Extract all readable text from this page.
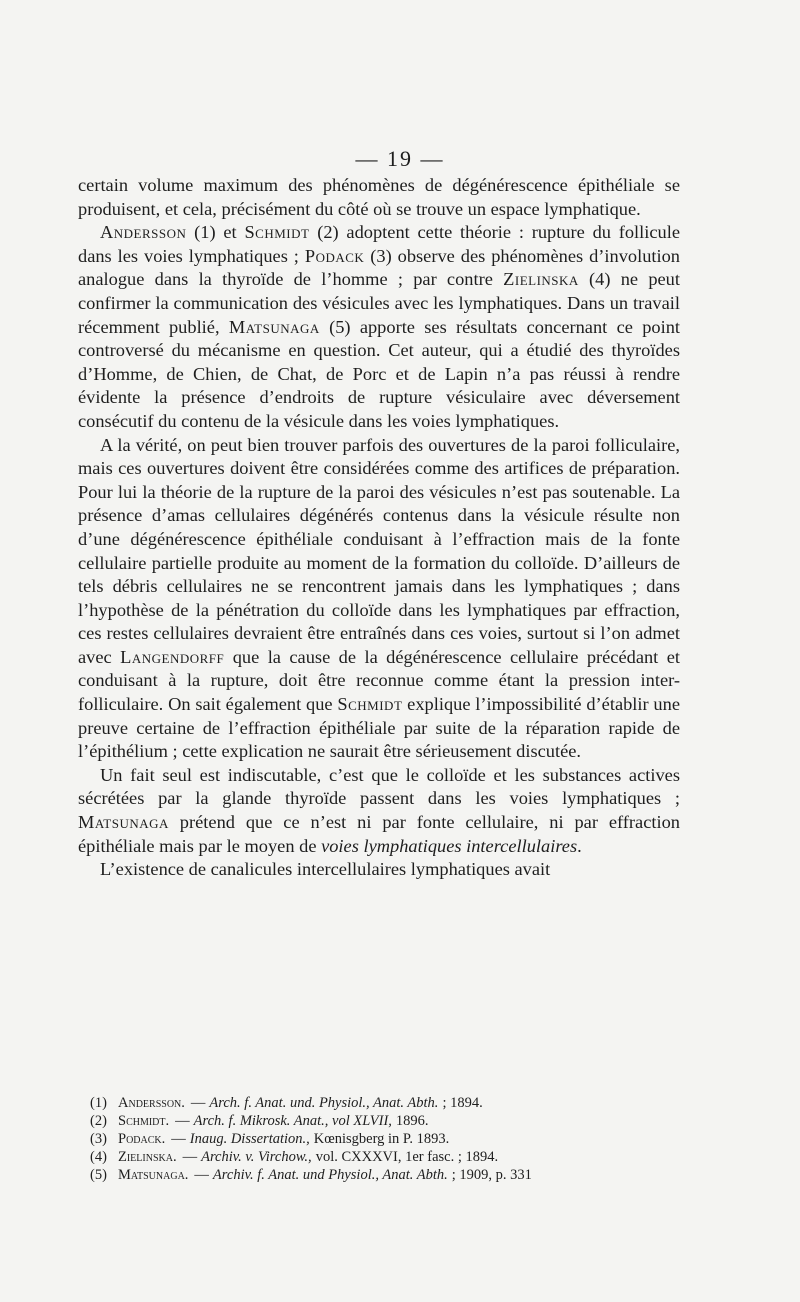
— 19 —

certain volume maximum des phénomènes de dégénérescence épithéliale se produisent, et cela, précisément du côté où se trouve un espace lymphatique.

Andersson (1) et Schmidt (2) adoptent cette théorie : rupture du follicule dans les voies lymphatiques ; Podack (3) observe des phénomènes d’involution analogue dans la thyroïde de l’homme ; par contre Zielinska (4) ne peut confirmer la communication des vésicules avec les lymphatiques. Dans un travail récemment publié, Matsunaga (5) apporte ses résultats concernant ce point controversé du mécanisme en question. Cet auteur, qui a étudié des thyroïdes d’Homme, de Chien, de Chat, de Porc et de Lapin n’a pas réussi à rendre évidente la présence d’endroits de rupture vésiculaire avec déversement consécutif du contenu de la vésicule dans les voies lymphatiques.

A la vérité, on peut bien trouver parfois des ouvertures de la paroi folliculaire, mais ces ouvertures doivent être considérées comme des artifices de préparation. Pour lui la théorie de la rupture de la paroi des vésicules n’est pas soutenable. La présence d’amas cellulaires dégénérés contenus dans la vésicule résulte non d’une dégénérescence épithéliale conduisant à l’effraction mais de la fonte cellulaire partielle produite au moment de la formation du colloïde. D’ailleurs de tels débris cellulaires ne se rencontrent jamais dans les lymphatiques ; dans l’hypothèse de la pénétration du colloïde dans les lymphatiques par effraction, ces restes cellulaires devraient être entraînés dans ces voies, surtout si l’on admet avec Langendorff que la cause de la dégénérescence cellulaire précédant et conduisant à la rupture, doit être reconnue comme étant la pression inter-folliculaire. On sait également que Schmidt explique l’impossibilité d’établir une preuve certaine de l’effraction épithéliale par suite de la réparation rapide de l’épithélium ; cette explication ne saurait être sérieusement discutée.

Un fait seul est indiscutable, c’est que le colloïde et les substances actives sécrétées par la glande thyroïde passent dans les voies lymphatiques ; Matsunaga prétend que ce n’est ni par fonte cellulaire, ni par effraction épithéliale mais par le moyen de voies lymphatiques intercellulaires.

L’existence de canalicules intercellulaires lymphatiques avait

(1) Andersson. — Arch. f. Anat. und. Physiol., Anat. Abth. ; 1894.
(2) Schmidt. — Arch. f. Mikrosk. Anat., vol XLVII, 1896.
(3) Podack. — Inaug. Dissertation., Kœnisgberg in P. 1893.
(4) Zielinska. — Archiv. v. Virchow., vol. CXXXVI, 1er fasc. ; 1894.
(5) Matsunaga. — Archiv. f. Anat. und Physiol., Anat. Abth. ; 1909, p. 331
